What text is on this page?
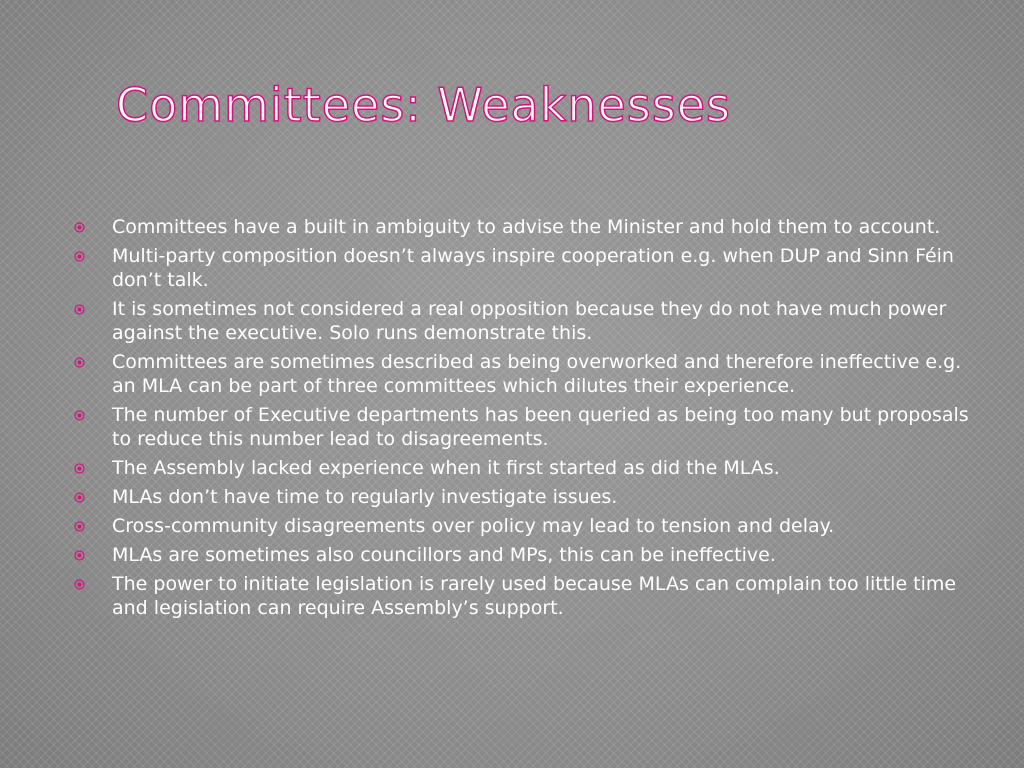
Committees: Weaknesses
Committees have a built in ambiguity to advise the Minister and hold them to account.
Multi-party composition doesn’t always inspire cooperation e.g. when DUP and Sinn Féin don’t talk.
It is sometimes not considered a real opposition because they do not have much power against the executive. Solo runs demonstrate this.
Committees are sometimes described as being overworked and therefore ineffective e.g. an MLA can be part of three committees which dilutes their experience.
The number of Executive departments has been queried as being too many but proposals to reduce this number lead to disagreements.
The Assembly lacked experience when it first started as did the MLAs.
MLAs don’t have time to regularly investigate issues.
Cross-community disagreements over policy may lead to tension and delay.
MLAs are sometimes also councillors and MPs, this can be ineffective.
The power to initiate legislation is rarely used because MLAs can complain too little time and legislation can require Assembly’s support.
